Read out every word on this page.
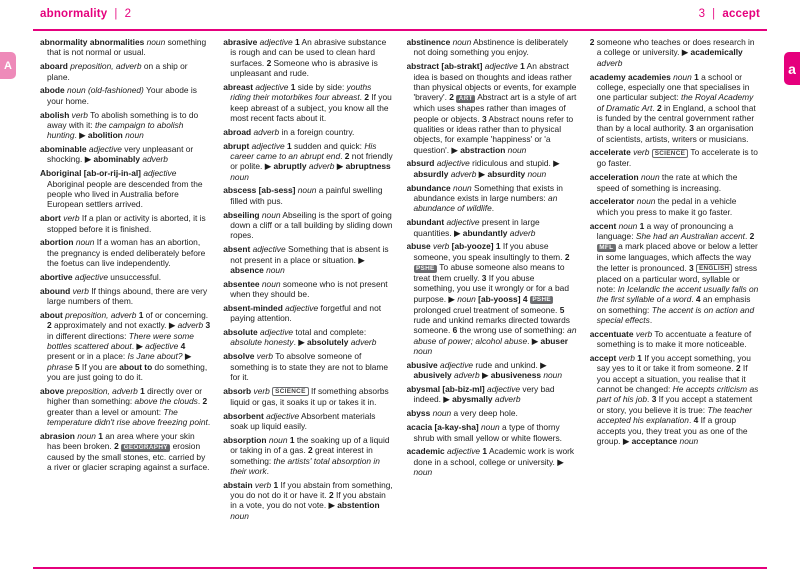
abnormality | 2	3 | accept
A	a

abnormality abnormalities noun something that is not normal or usual.

aboard preposition, adverb on a ship or plane.

abode noun (old-fashioned) Your abode is your home.

abolish verb To abolish something is to do away with it: the campaign to abolish hunting. ▶ abolition noun

abominable adjective very unpleasant or shocking. ▶ abominably adverb

Aboriginal [ab-or-rij-in-al] adjective Aboriginal people are descended from the people who lived in Australia before European settlers arrived.

abort verb If a plan or activity is aborted, it is stopped before it is finished.

abortion noun If a woman has an abortion, the pregnancy is ended deliberately before the foetus can live independently.

abortive adjective unsuccessful.

abound verb If things abound, there are very large numbers of them.

about preposition, adverb 1 of or concerning. 2 approximately and not exactly. ▶ adverb 3 in different directions: There were some bottles scattered about. ▶ adjective 4 present or in a place: Is Jane about? ▶ phrase 5 If you are about to do something, you are just going to do it.

above preposition, adverb 1 directly over or higher than something: above the clouds. 2 greater than a level or amount: The temperature didn't rise above freezing point.

abrasion noun 1 an area where your skin has been broken. 2 GEOGRAPHY erosion caused by the small stones, etc. carried by a river or glacier scraping against a surface.

abrasive adjective 1 An abrasive substance is rough and can be used to clean hard surfaces. 2 Someone who is abrasive is unpleasant and rude.

abreast adjective 1 side by side: youths riding their motorbikes four abreast. 2 If you keep abreast of a subject, you know all the most recent facts about it.

abroad adverb in a foreign country.

abrupt adjective 1 sudden and quick: His career came to an abrupt end. 2 not friendly or polite. ▶ abruptly adverb ▶ abruptness noun

abscess [ab-sess] noun a painful swelling filled with pus.

abseiling noun Abseiling is the sport of going down a cliff or a tall building by sliding down ropes.

absent adjective Something that is absent is not present in a place or situation. ▶ absence noun

absentee noun someone who is not present when they should be.

absent-minded adjective forgetful and not paying attention.

absolute adjective total and complete: absolute honesty. ▶ absolutely adverb

absolve verb To absolve someone of something is to state they are not to blame for it.

absorb verb SCIENCE If something absorbs liquid or gas, it soaks it up or takes it in.

absorbent adjective Absorbent materials soak up liquid easily.

absorption noun 1 the soaking up of a liquid or taking in of a gas. 2 great interest in something: the artists' total absorption in their work.

abstain verb 1 If you abstain from something, you do not do it or have it. 2 If you abstain in a vote, you do not vote. ▶ abstention noun

abstinence noun Abstinence is deliberately not doing something you enjoy.

abstract [ab-strakt] adjective 1 An abstract idea is based on thoughts and ideas rather than physical objects or events, for example 'bravery'. 2 ART Abstract art is a style of art which uses shapes rather than images of people or objects. 3 Abstract nouns refer to qualities or ideas rather than to physical objects, for example 'happiness' or 'a question'. ▶ abstraction noun

absurd adjective ridiculous and stupid. ▶ absurdly adverb ▶ absurdity noun

abundance noun Something that exists in abundance exists in large numbers: an abundance of wildlife.

abundant adjective present in large quantities. ▶ abundantly adverb

abuse verb [ab-yooze] 1 If you abuse someone, you speak insultingly to them. 2 PSHE To abuse someone also means to treat them cruelly. 3 If you abuse something, you use it wrongly or for a bad purpose. ▶ noun [ab-yooss] 4 PSHE prolonged cruel treatment of someone. 5 rude and unkind remarks directed towards someone. 6 the wrong use of something: an abuse of power; alcohol abuse. ▶ abuser noun

abusive adjective rude and unkind. ▶ abusively adverb ▶ abusiveness noun

abysmal [ab-biz-ml] adjective very bad indeed. ▶ abysmally adverb

abyss noun a very deep hole.

acacia [a-kay-sha] noun a type of thorny shrub with small yellow or white flowers.

academic adjective 1 Academic work is work done in a school, college or university. ▶ noun

2 someone who teaches or does research in a college or university. ▶ academically adverb

academy academies noun 1 a school or college, especially one that specialises in one particular subject: the Royal Academy of Dramatic Art. 2 in England, a school that is funded by the central government rather than by a local authority. 3 an organisation of scientists, artists, writers or musicians.

accelerate verb SCIENCE To accelerate is to go faster.

acceleration noun the rate at which the speed of something is increasing.

accelerator noun the pedal in a vehicle which you press to make it go faster.

accent noun 1 a way of pronouncing a language: She had an Australian accent. 2 MFL a mark placed above or below a letter in some languages, which affects the way the letter is pronounced. 3 ENGLISH stress placed on a particular word, syllable or note: In Icelandic the accent usually falls on the first syllable of a word. 4 an emphasis on something: The accent is on action and special effects.

accentuate verb To accentuate a feature of something is to make it more noticeable.

accept verb 1 If you accept something, you say yes to it or take it from someone. 2 If you accept a situation, you realise that it cannot be changed: He accepts criticism as part of his job. 3 If you accept a statement or story, you believe it is true: The teacher accepted his explanation. 4 If a group accepts you, they treat you as one of the group. ▶ acceptance noun
